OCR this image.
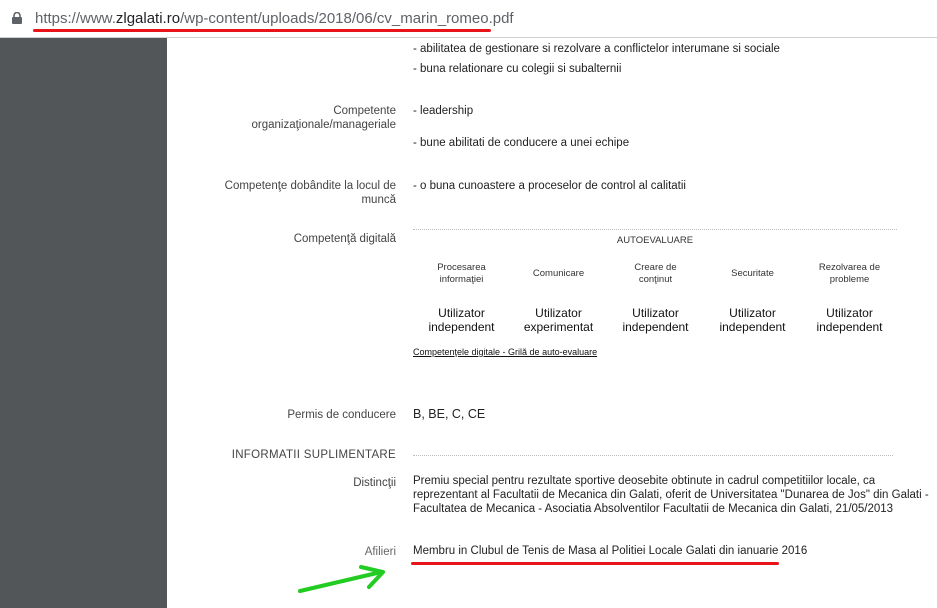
https://www.zlgalati.ro/wp-content/uploads/2018/06/cv_marin_romeo.pdf
- abilitatea de gestionare si rezolvare a conflictelor interumane si sociale
- buna relationare cu colegii si subalternii
Competente
organizaţionale/manageriale
- leadership
- bune abilitati de conducere a unei echipe
Competenţe dobândite la locul de
muncă
- o buna cunoastere a proceselor de control al calitatii
Competenţă digitală	AUTOEVALUARE
Procesarea
informaţiei
Comunicare
Creare de
conţinut
Securitate
Rezolvarea de
probleme
Utilizator
independent
Utilizator
experimentat
Utilizator
independent
Utilizator
independent
Utilizator
independent
Competenţele digitale - Grilă de auto-evaluare
Permis de conducere B, BE, C, CE
INFORMATII SUPLIMENTARE
Distincţii Premiu special pentru rezultate sportive deosebite obtinute in cadrul competitiilor locale, ca
reprezentant al Facultatii de Mecanica din Galati, oferit de Universitatea "Dunarea de Jos" din Galati -
Facultatea de Mecanica - Asociatia Absolventilor Facultatii de Mecanica din Galati, 21/05/2013
Afilieri Membru in Clubul de Tenis de Masa al Politiei Locale Galati din ianuarie 2016
